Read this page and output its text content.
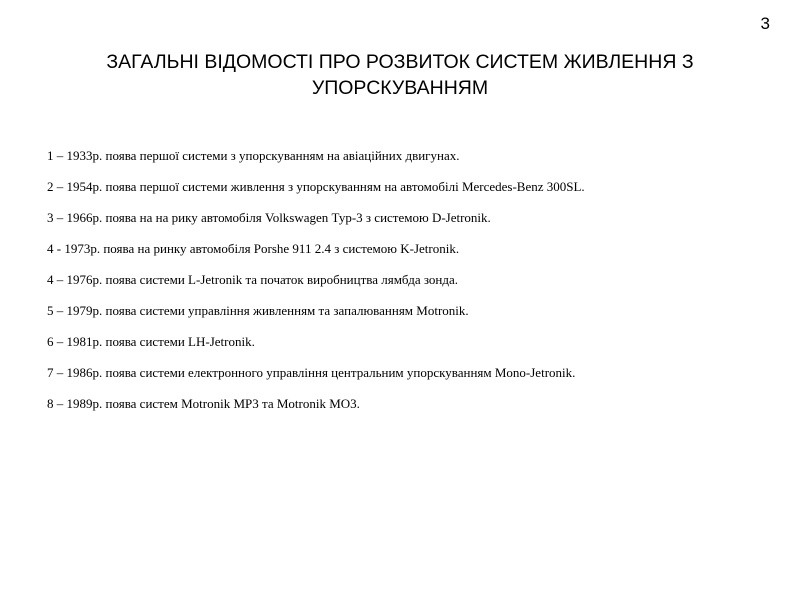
3
ЗАГАЛЬНІ ВІДОМОСТІ ПРО РОЗВИТОК СИСТЕМ ЖИВЛЕННЯ З УПОРСКУВАННЯМ
1 – 1933р. поява першої системи з упорскуванням на авіаційних двигунах.
2 – 1954р. поява першої системи живлення з упорскуванням на автомобілі Mercedes-Benz 300SL.
3 – 1966р. поява на на рику автомобіля Volkswagen Тур-3 з системою D-Jetronik.
4 - 1973р. поява на ринку автомобіля Porshe 911 2.4 з системою K-Jetronik.
4 – 1976р. поява системи L-Jetronik та початок виробництва лямбда зонда.
5 – 1979р. поява системи управління живленням та запалюванням Motronik.
6 – 1981р. поява системи LH-Jetronik.
7 – 1986р. поява системи електронного управління центральним упорскуванням Mono-Jetronik.
8 – 1989р. поява систем Motronik MP3 та Motronik MO3.
